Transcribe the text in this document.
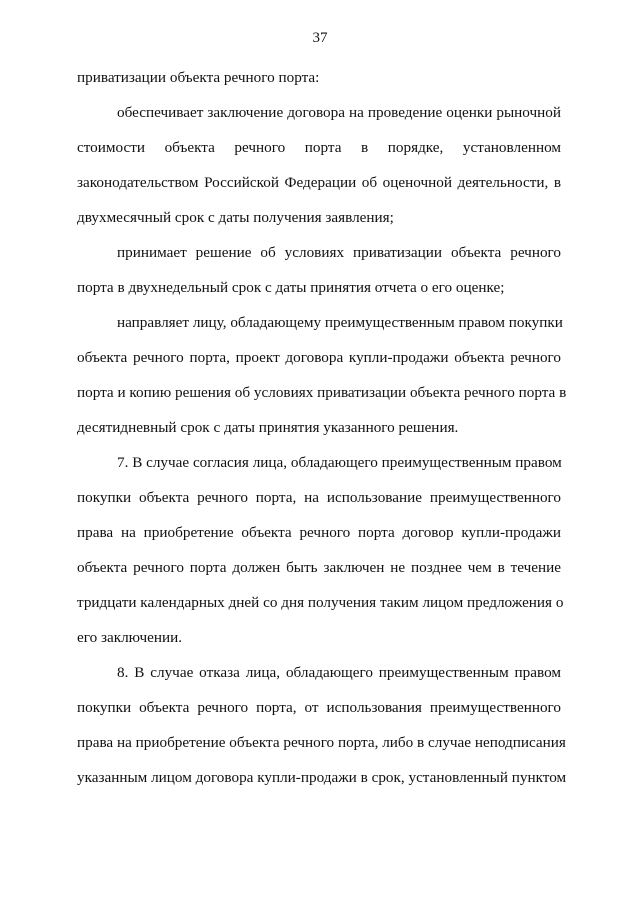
37
приватизации объекта речного порта:
обеспечивает заключение договора на проведение оценки рыночной
стоимости объекта речного порта в порядке, установленном
законодательством Российской Федерации об оценочной деятельности, в
двухмесячный срок с даты получения заявления;
принимает решение об условиях приватизации объекта речного
порта в двухнедельный срок с даты принятия отчета о его оценке;
направляет лицу, обладающему преимущественным правом покупки
объекта речного порта, проект договора купли-продажи объекта речного
порта и копию решения об условиях приватизации объекта речного порта в
десятидневный срок с даты принятия указанного решения.
7. В случае согласия лица, обладающего преимущественным правом
покупки объекта речного порта, на использование преимущественного
права на приобретение объекта речного порта договор купли-продажи
объекта речного порта должен быть заключен не позднее чем в течение
тридцати календарных дней со дня получения таким лицом предложения о
его заключении.
8. В случае отказа лица, обладающего преимущественным правом
покупки объекта речного порта, от использования преимущественного
права на приобретение объекта речного порта, либо в случае неподписания
указанным лицом договора купли-продажи в срок, установленный пунктом
